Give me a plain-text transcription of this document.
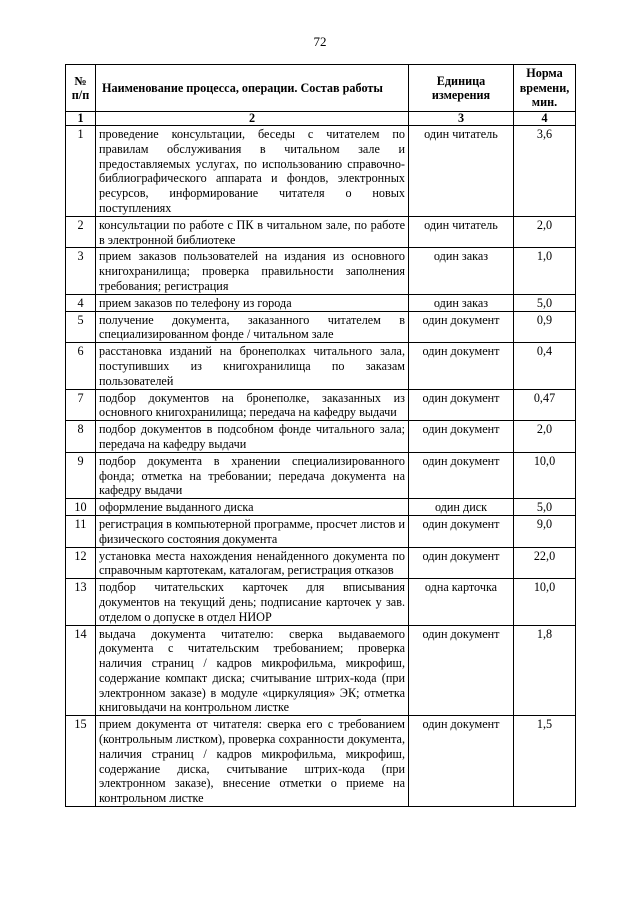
72
№ п/п	Наименование процесса, операции. Состав работы	Единица измерения	Норма времени, мин.
1	2	3	4
1	проведение консультации, беседы с читателем по правилам обслуживания в читальном зале и предоставляемых услугах, по использованию справочно-библиографического аппарата и фондов, электронных ресурсов, информирование читателя о новых поступлениях	один читатель	3,6
2	консультации по работе с ПК в читальном зале, по работе в электронной библиотеке	один читатель	2,0
3	прием заказов пользователей на издания из основного книгохранилища; проверка правильности заполнения требования; регистрация	один заказ	1,0
4	прием заказов по телефону из города	один заказ	5,0
5	получение документа, заказанного читателем в специализированном фонде / читальном зале	один документ	0,9
6	расстановка изданий на бронеполках читального зала, поступивших из книгохранилища по заказам пользователей	один документ	0,4
7	подбор документов на бронеполке, заказанных из основного книгохранилища; передача на кафедру выдачи	один документ	0,47
8	подбор документов в подсобном фонде читального зала; передача на кафедру выдачи	один документ	2,0
9	подбор документа в хранении специализированного фонда; отметка на требовании; передача документа на кафедру выдачи	один документ	10,0
10	оформление выданного диска	один диск	5,0
11	регистрация в компьютерной программе, просчет листов и физического состояния документа	один документ	9,0
12	установка места нахождения ненайденного документа по справочным картотекам, каталогам, регистрация отказов	один документ	22,0
13	подбор читательских карточек для вписывания документов на текущий день; подписание карточек у зав. отделом о допуске в отдел НИОР	одна карточка	10,0
14	выдача документа читателю: сверка выдаваемого документа с читательским требованием; проверка наличия страниц / кадров микрофильма, микрофиш, содержание компакт диска; считывание штрих-кода (при электронном заказе) в модуле «циркуляция» ЭК; отметка книговыдачи на контрольном листке	один документ	1,8
15	прием документа от читателя: сверка его с требованием (контрольным листком), проверка сохранности документа, наличия страниц / кадров микрофильма, микрофиш, содержание диска, считывание штрих-кода (при электронном заказе), внесение отметки о приеме на контрольном листке	один документ	1,5
